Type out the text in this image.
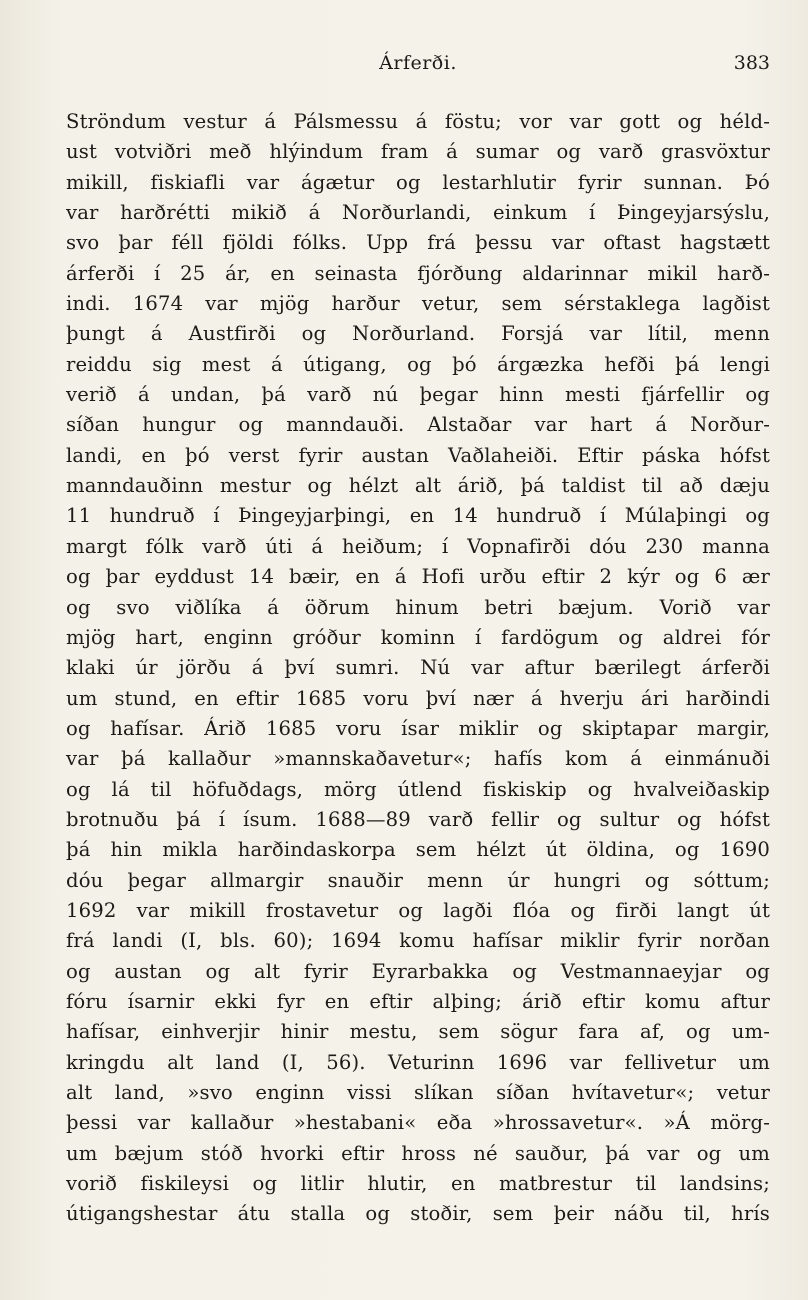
Árferði.	383
Ströndum vestur á Pálsmessu á föstu; vor var gott og héld-
ust votviðri með hlýindum fram á sumar og varð grasvöxtur
mikill, fiskiafli var ágætur og lestarhlutir fyrir sunnan. Þó
var harðrétti mikið á Norðurlandi, einkum í Þingeyjarsýslu,
svo þar féll fjöldi fólks. Upp frá þessu var oftast hagstætt
árferði í 25 ár, en seinasta fjórðung aldarinnar mikil harð-
indi. 1674 var mjög harður vetur, sem sérstaklega lagðist
þungt á Austfirði og Norðurland. Forsjá var lítil, menn
reiddu sig mest á útigang, og þó árgæzka hefði þá lengi
verið á undan, þá varð nú þegar hinn mesti fjárfellir og
síðan hungur og manndauði. Alstaðar var hart á Norður-
landi, en þó verst fyrir austan Vaðlaheiði. Eftir páska hófst
manndauðinn mestur og hélzt alt árið, þá taldist til að dæju
11 hundruð í Þingeyjarþingi, en 14 hundruð í Múlaþingi og
margt fólk varð úti á heiðum; í Vopnafirði dóu 230 manna
og þar eyddust 14 bæir, en á Hofi urðu eftir 2 kýr og 6 ær
og svo viðlíka á öðrum hinum betri bæjum. Vorið var
mjög hart, enginn gróður kominn í fardögum og aldrei fór
klaki úr jörðu á því sumri. Nú var aftur bærilegt árferði
um stund, en eftir 1685 voru því nær á hverju ári harðindi
og hafísar. Árið 1685 voru ísar miklir og skiptapar margir,
var þá kallaður »mannskaðavetur«; hafís kom á einmánuði
og lá til höfuðdags, mörg útlend fiskiskip og hvalveiðaskip
brotnuðu þá í ísum. 1688—89 varð fellir og sultur og hófst
þá hin mikla harðindaskorpa sem hélzt út öldina, og 1690
dóu þegar allmargir snauðir menn úr hungri og sóttum;
1692 var mikill frostavetur og lagði flóa og firði langt út
frá landi (I, bls. 60); 1694 komu hafísar miklir fyrir norðan
og austan og alt fyrir Eyrarbakka og Vestmannaeyjar og
fóru ísarnir ekki fyr en eftir alþing; árið eftir komu aftur
hafísar, einhverjir hinir mestu, sem sögur fara af, og um-
kringdu alt land (I, 56). Veturinn 1696 var fellivetur um
alt land, »svo enginn vissi slíkan síðan hvítavetur«; vetur
þessi var kallaður »hestabani« eða »hrossavetur«. »Á mörg-
um bæjum stóð hvorki eftir hross né sauður, þá var og um
vorið fiskileysi og litlir hlutir, en matbrestur til landsins;
útigangshestar átu stalla og stoðir, sem þeir náðu til, hrís
